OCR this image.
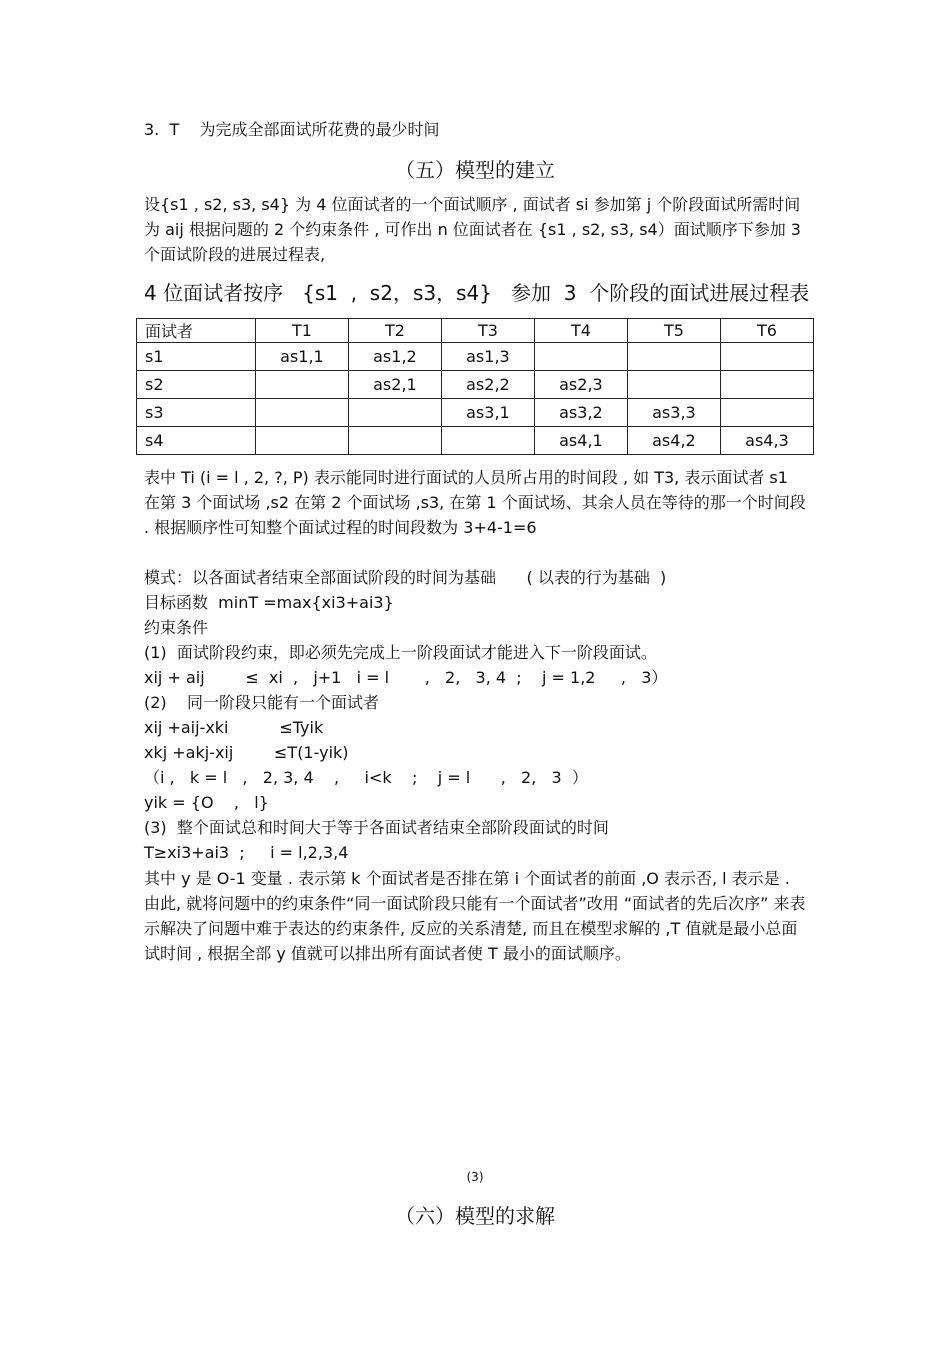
3.  T    为完成全部面试所花费的最少时间
（五）模型的建立
设{s1 , s2, s3, s4} 为 4 位面试者的一个面试顺序 , 面试者 si 参加第 j 个阶段面试所需时间为 aij 根据问题的 2 个约束条件 , 可作出 n 位面试者在 {s1 , s2, s3, s4）面试顺序下参加 3 个面试阶段的进展过程表,
4 位面试者按序   {s1  ,  s2，s3，s4}   参加  3  个阶段的面试进展过程表
面试者	T1	T2	T3	T4	T5	T6
s1	as1,1	as1,2	as1,3			
s2		as2,1	as2,2	as2,3		
s3			as3,1	as3,2	as3,3	
s4				as4,1	as4,2	as4,3
表中 Ti (i = l , 2, ?, P) 表示能同时进行面试的人员所占用的时间段 , 如 T3, 表示面试者 s1 在第 3 个面试场 ,s2 在第 2 个面试场 ,s3, 在第 1 个面试场、其余人员在等待的那一个时间段 . 根据顺序性可知整个面试过程的时间段数为 3+4-1=6
模式：以各面试者结束全部面试阶段的时间为基础      ( 以表的行为基础  )
目标函数  minT =max{xi3+ai3}
约束条件
(1)  面试阶段约束，即必须先完成上一阶段面试才能进入下一阶段面试。
xij + aij        ≤  xi  ,   j+1   i = l       ,   2,   3, 4  ;    j = 1,2     ,   3）
(2)    同一阶段只能有一个面试者
xij +aij-xki          ≤Tyik
xkj +akj-xij        ≤T(1-yik)
（i ,   k = l   ,   2, 3, 4    ,     i<k    ;    j = l      ,   2,   3  ）
yik = {O    ,   l}
(3)  整个面试总和时间大于等于各面试者结束全部阶段面试的时间
T≥xi3+ai3  ;     i = l,2,3,4
其中 y 是 O-1 变量 . 表示第 k 个面试者是否排在第 i 个面试者的前面 ,O 表示否, l 表示是 . 由此, 就将问题中的约束条件“同一面试阶段只能有一个面试者”改用 “面试者的先后次序” 来表示解决了问题中难于表达的约束条件, 反应的关系清楚, 而且在模型求解的 ,T 值就是最小总面试时间 , 根据全部 y 值就可以排出所有面试者使 T 最小的面试顺序。
(3)
（六）模型的求解
